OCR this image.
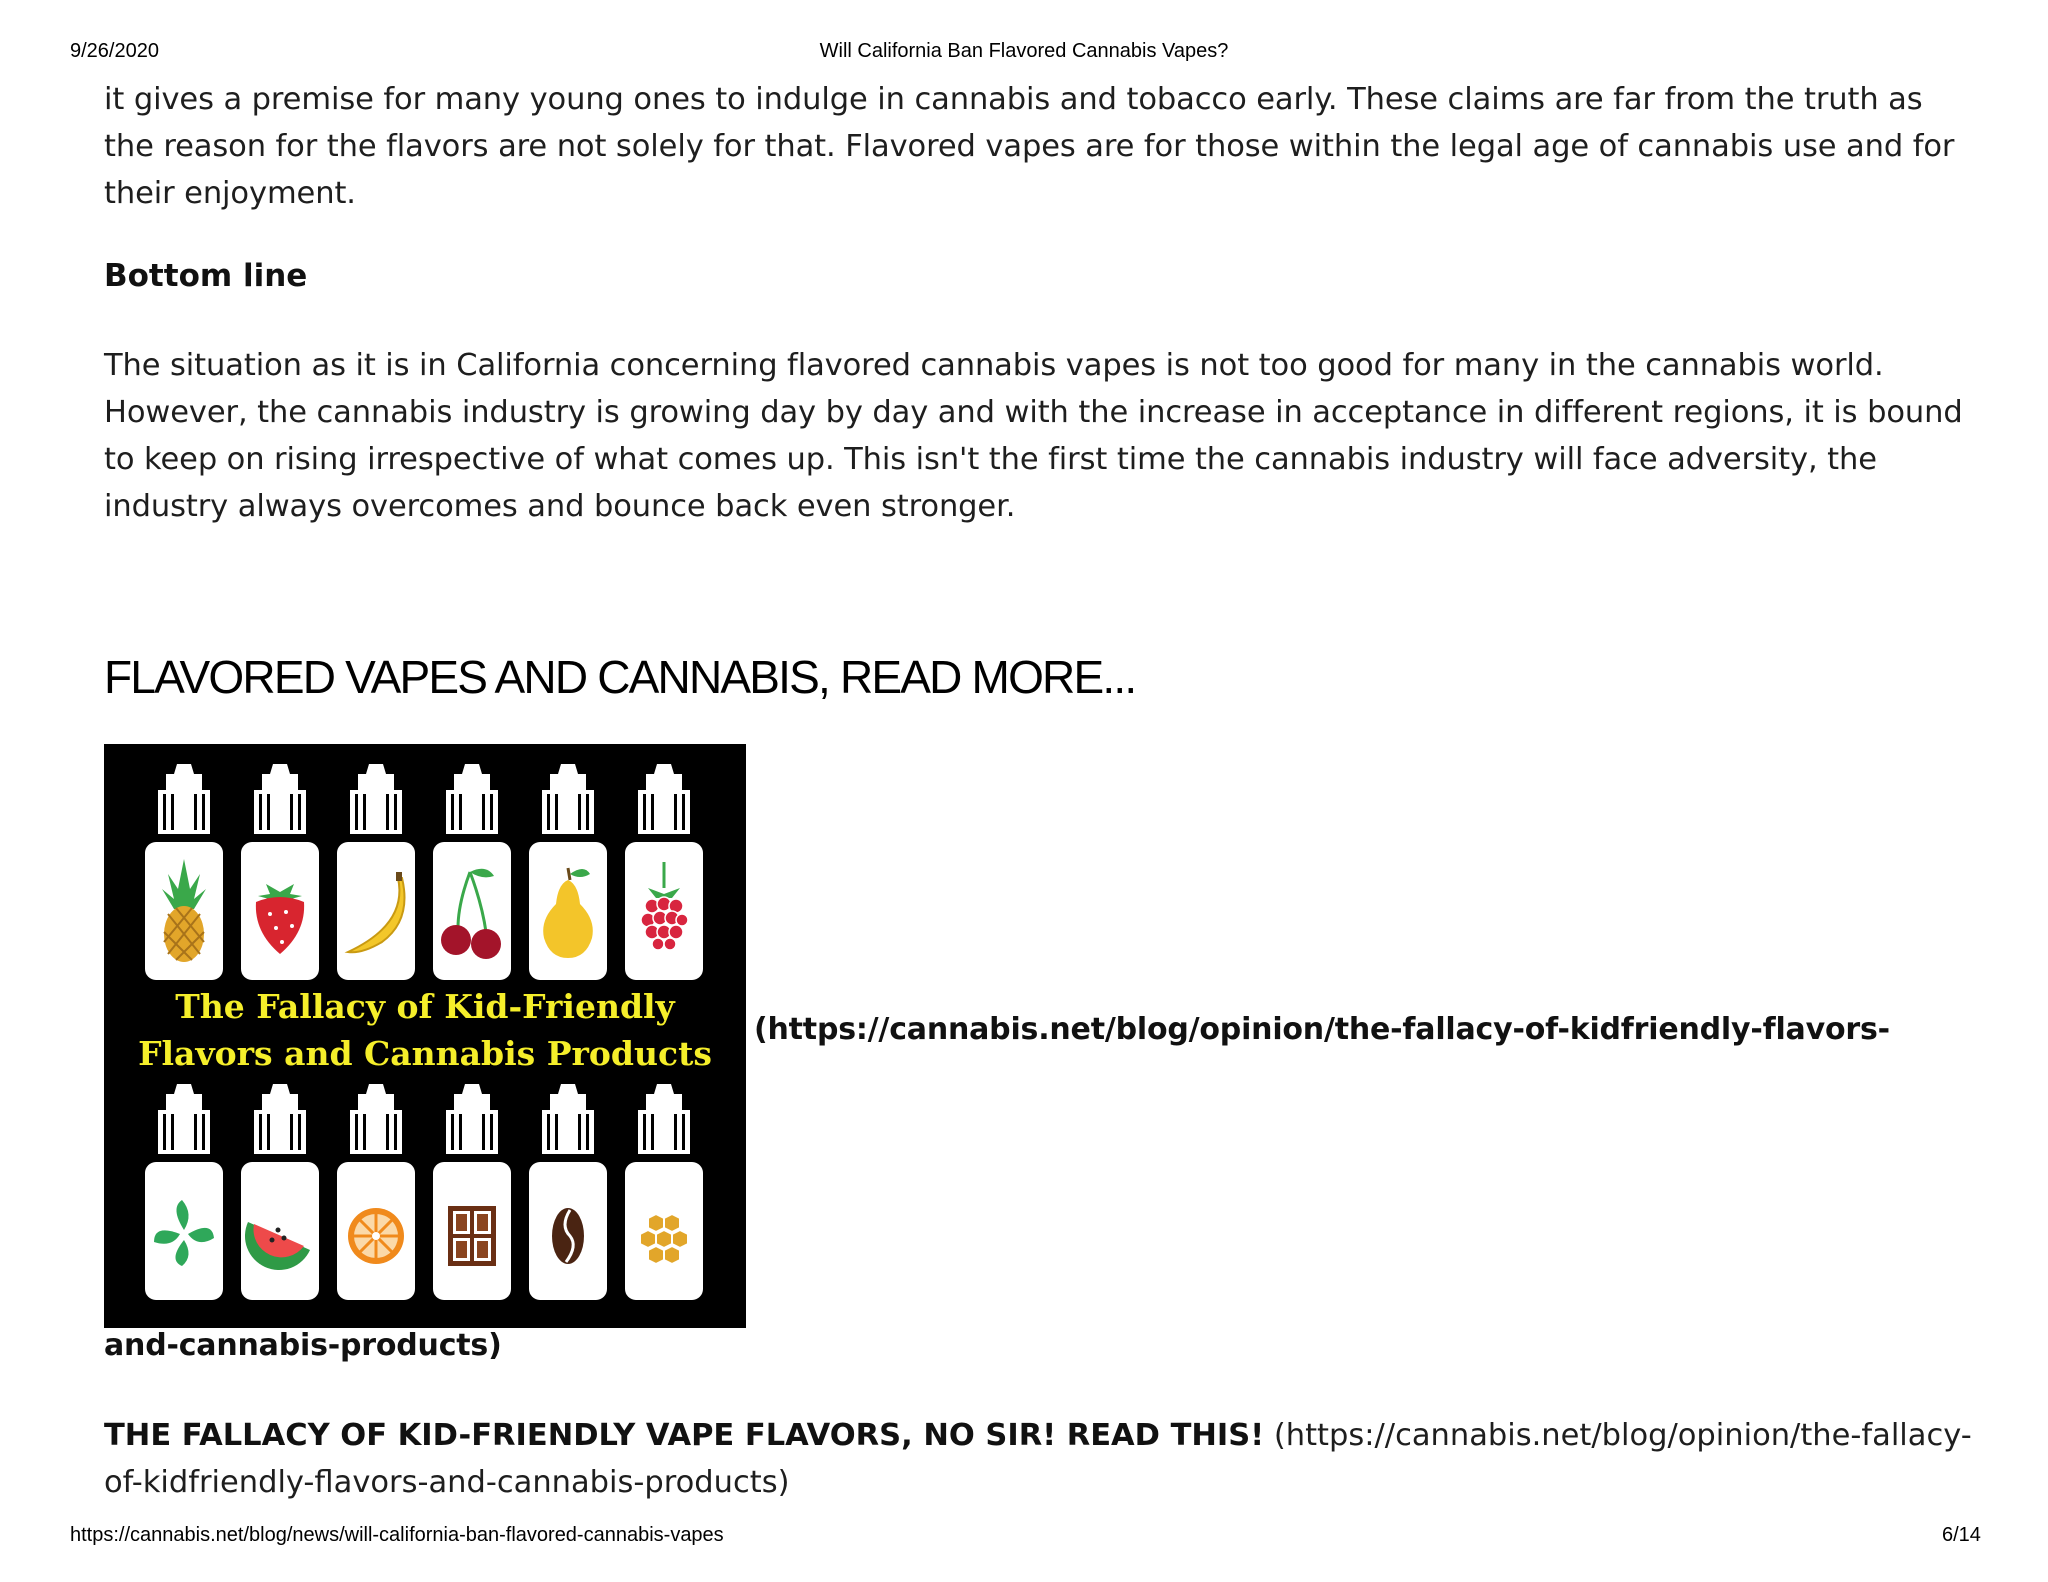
9/26/2020	Will California Ban Flavored Cannabis Vapes?

it gives a premise for many young ones to indulge in cannabis and tobacco early. These claims are far from the truth as the reason for the flavors are not solely for that. Flavored vapes are for those within the legal age of cannabis use and for their enjoyment.

Bottom line

The situation as it is in California concerning flavored cannabis vapes is not too good for many in the cannabis world. However, the cannabis industry is growing day by day and with the increase in acceptance in different regions, it is bound to keep on rising irrespective of what comes up. This isn't the first time the cannabis industry will face adversity, the industry always overcomes and bounce back even stronger.

FLAVORED VAPES AND CANNABIS, READ MORE...
The Fallacy of Kid-Friendly
Flavors and Cannabis Products
(https://cannabis.net/blog/opinion/the-fallacy-of-kidfriendly-flavors-
and-cannabis-products)

THE FALLACY OF KID-FRIENDLY VAPE FLAVORS, NO SIR! READ THIS! (https://cannabis.net/blog/opinion/the-fallacy-of-kidfriendly-flavors-and-cannabis-products)

https://cannabis.net/blog/news/will-california-ban-flavored-cannabis-vapes	6/14
